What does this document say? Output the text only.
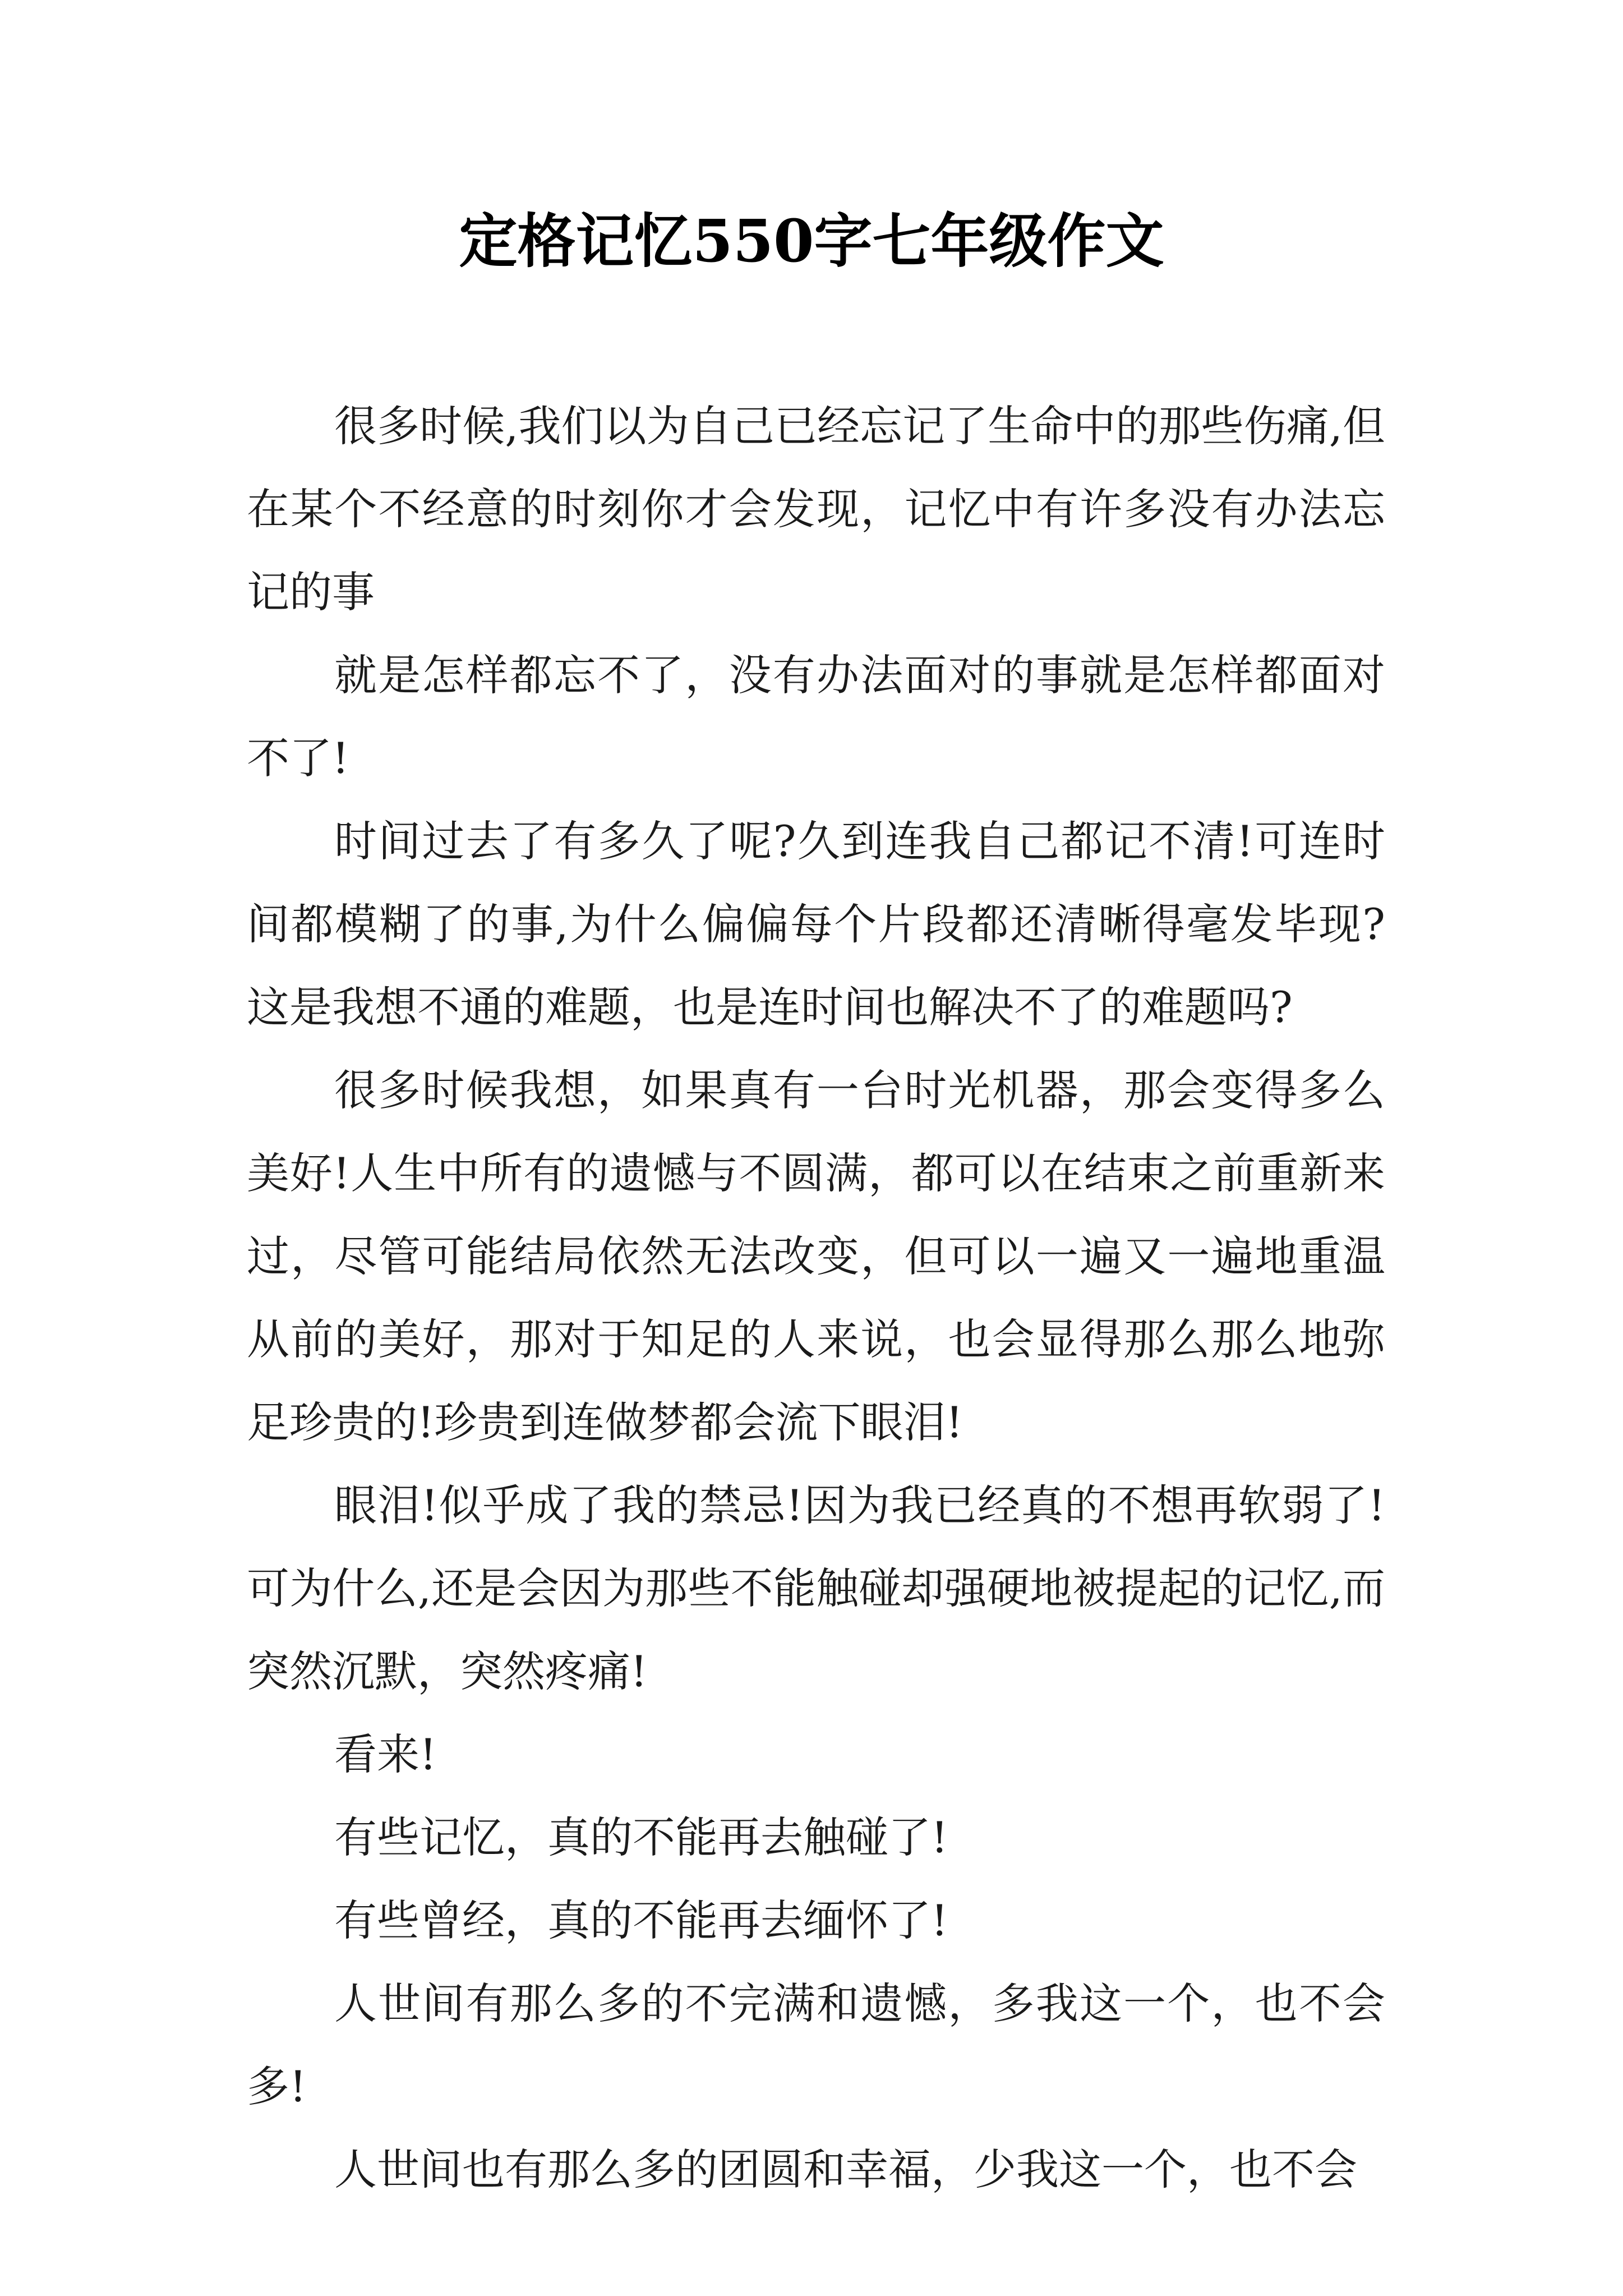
定格记忆550字七年级作文

很多时候,我们以为自己已经忘记了生命中的那些伤痛,但在某个不经意的时刻你才会发现，记忆中有许多没有办法忘记的事

就是怎样都忘不了，没有办法面对的事就是怎样都面对不了!

时间过去了有多久了呢?久到连我自己都记不清!可连时间都模糊了的事,为什么偏偏每个片段都还清晰得毫发毕现?这是我想不通的难题，也是连时间也解决不了的难题吗?

很多时候我想，如果真有一台时光机器，那会变得多么美好!人生中所有的遗憾与不圆满，都可以在结束之前重新来过，尽管可能结局依然无法改变，但可以一遍又一遍地重温从前的美好，那对于知足的人来说，也会显得那么那么地弥足珍贵的!珍贵到连做梦都会流下眼泪!

眼泪!似乎成了我的禁忌!因为我已经真的不想再软弱了!可为什么,还是会因为那些不能触碰却强硬地被提起的记忆,而突然沉默，突然疼痛!

看来!

有些记忆，真的不能再去触碰了!

有些曾经，真的不能再去缅怀了!

人世间有那么多的不完满和遗憾，多我这一个，也不会多!

人世间也有那么多的团圆和幸福，少我这一个，也不会
